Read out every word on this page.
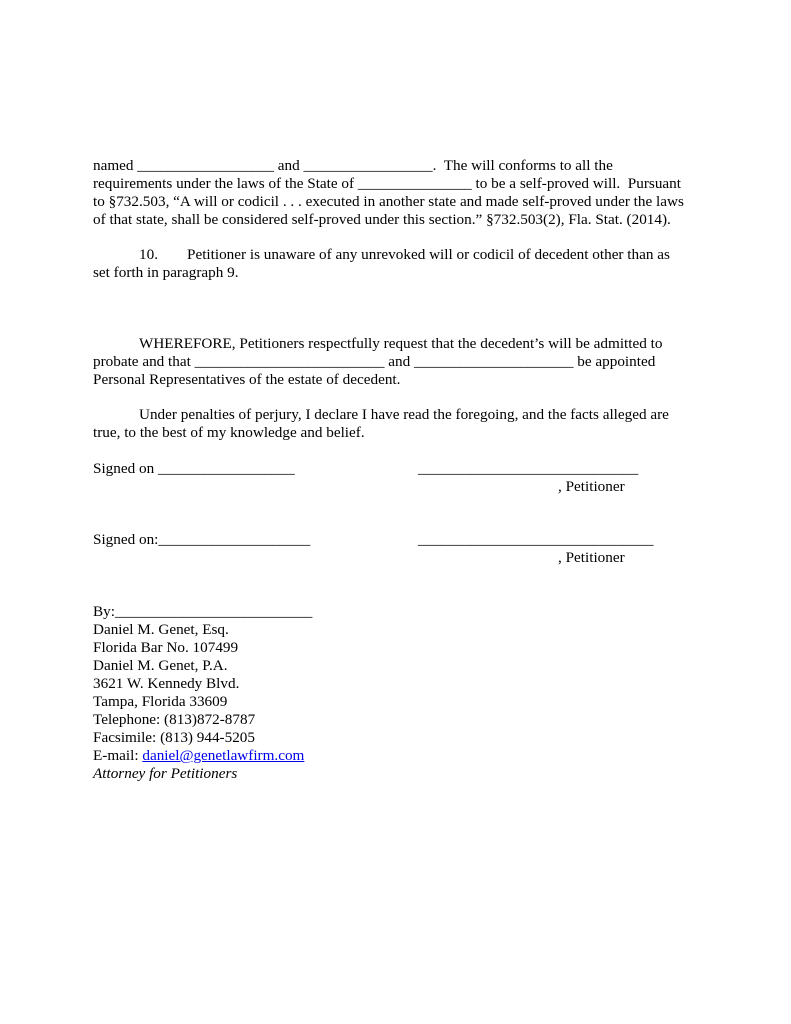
named __________________ and _________________.  The will conforms to all the
requirements under the laws of the State of _______________ to be a self-proved will.  Pursuant
to §732.503, “A will or codicil . . . executed in another state and made self-proved under the laws
of that state, shall be considered self-proved under this section.” §732.503(2), Fla. Stat. (2014).
10. Petitioner is unaware of any unrevoked will or codicil of decedent other than as
set forth in paragraph 9.
WHEREFORE, Petitioners respectfully request that the decedent’s will be admitted to
probate and that _________________________ and _____________________ be appointed
Personal Representatives of the estate of decedent.
Under penalties of perjury, I declare I have read the foregoing, and the facts alleged are
true, to the best of my knowledge and belief.
Signed on __________________	_____________________________
, Petitioner
Signed on:____________________	_______________________________
, Petitioner
By:__________________________
Daniel M. Genet, Esq.
Florida Bar No. 107499
Daniel M. Genet, P.A.
3621 W. Kennedy Blvd.
Tampa, Florida 33609
Telephone: (813)872-8787
Facsimile: (813) 944-5205
E-mail: daniel@genetlawfirm.com
Attorney for Petitioners
